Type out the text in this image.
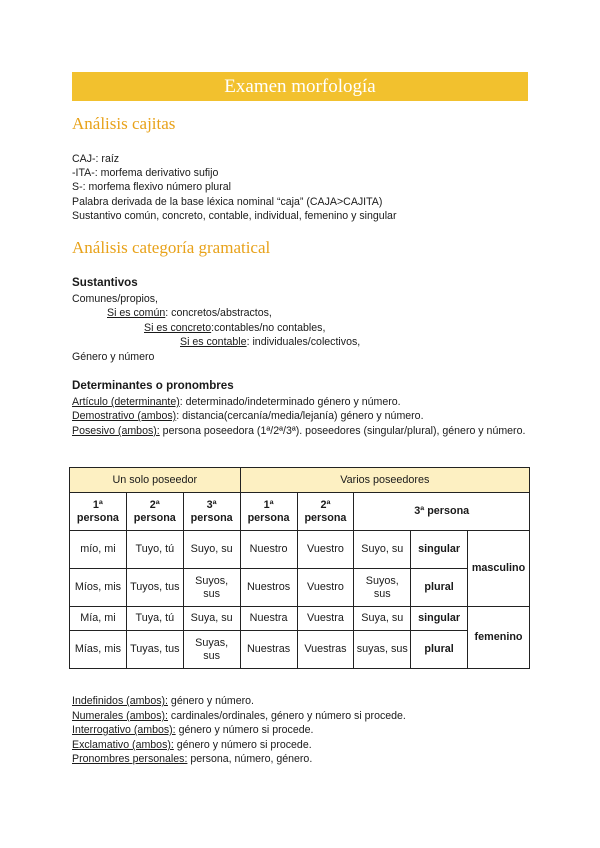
Examen morfología
Análisis cajitas
CAJ-: raíz
-ITA-: morfema derivativo sufijo
S-: morfema flexivo número plural
Palabra derivada de la base léxica nominal “caja” (CAJA>CAJITA)
Sustantivo común, concreto, contable, individual, femenino y singular
Análisis categoría gramatical
Sustantivos
Comunes/propios,
Si es común: concretos/abstractos,
Si es concreto:contables/no contables,
Si es contable: individuales/colectivos,
Género y número
Determinantes o pronombres
Artículo (determinante): determinado/indeterminado género y número.
Demostrativo (ambos): distancia(cercanía/media/lejanía) género y número.
Posesivo (ambos): persona poseedora (1ª/2ª/3ª). poseedores (singular/plural), género y número.
Un solo poseedor			Varios poseedores				
1ª persona	2ª persona	3ª persona	1ª persona	2ª persona	3ª persona		
mío, mi	Tuyo, tú	Suyo, su	Nuestro	Vuestro	Suyo, su	singular	masculino
Míos, mis	Tuyos, tus	Suyos, sus	Nuestros	Vuestro	Suyos, sus	plural	
Mía, mi	Tuya, tú	Suya, su	Nuestra	Vuestra	Suya, su	singular	femenino
Mías, mis	Tuyas, tus	Suyas, sus	Nuestras	Vuestras	suyas, sus	plural	
Indefinidos (ambos): género y número.
Numerales (ambos): cardinales/ordinales, género y número si procede.
Interrogativo (ambos): género y número si procede.
Exclamativo (ambos): género y número si procede.
Pronombres personales: persona, número, género.
